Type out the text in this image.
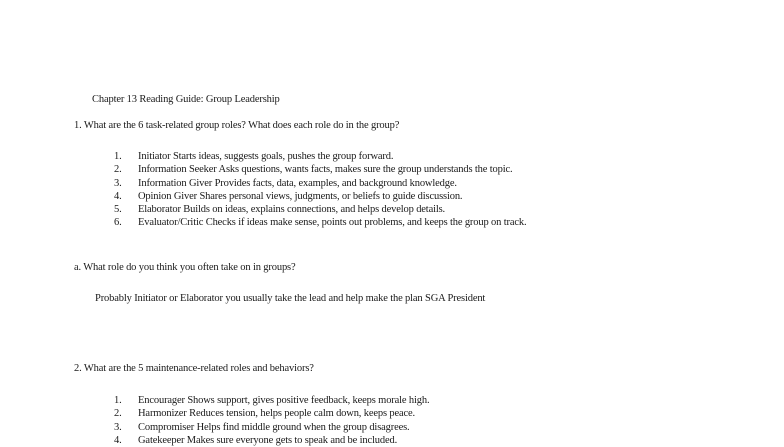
Chapter 13 Reading Guide: Group Leadership
1. What are the 6 task-related group roles? What does each role do in the group?
1.	Initiator Starts ideas, suggests goals, pushes the group forward.
2.	Information Seeker Asks questions, wants facts, makes sure the group understands the topic.
3.	Information Giver Provides facts, data, examples, and background knowledge.
4.	Opinion Giver Shares personal views, judgments, or beliefs to guide discussion.
5.	Elaborator Builds on ideas, explains connections, and helps develop details.
6.	Evaluator/Critic Checks if ideas make sense, points out problems, and keeps the group on track.
a. What role do you think you often take on in groups?
Probably Initiator or Elaborator you usually take the lead and help make the plan SGA President
2. What are the 5 maintenance-related roles and behaviors?
1.	Encourager Shows support, gives positive feedback, keeps morale high.
2.	Harmonizer Reduces tension, helps people calm down, keeps peace.
3.	Compromiser Helps find middle ground when the group disagrees.
4.	Gatekeeper Makes sure everyone gets to speak and be included.
